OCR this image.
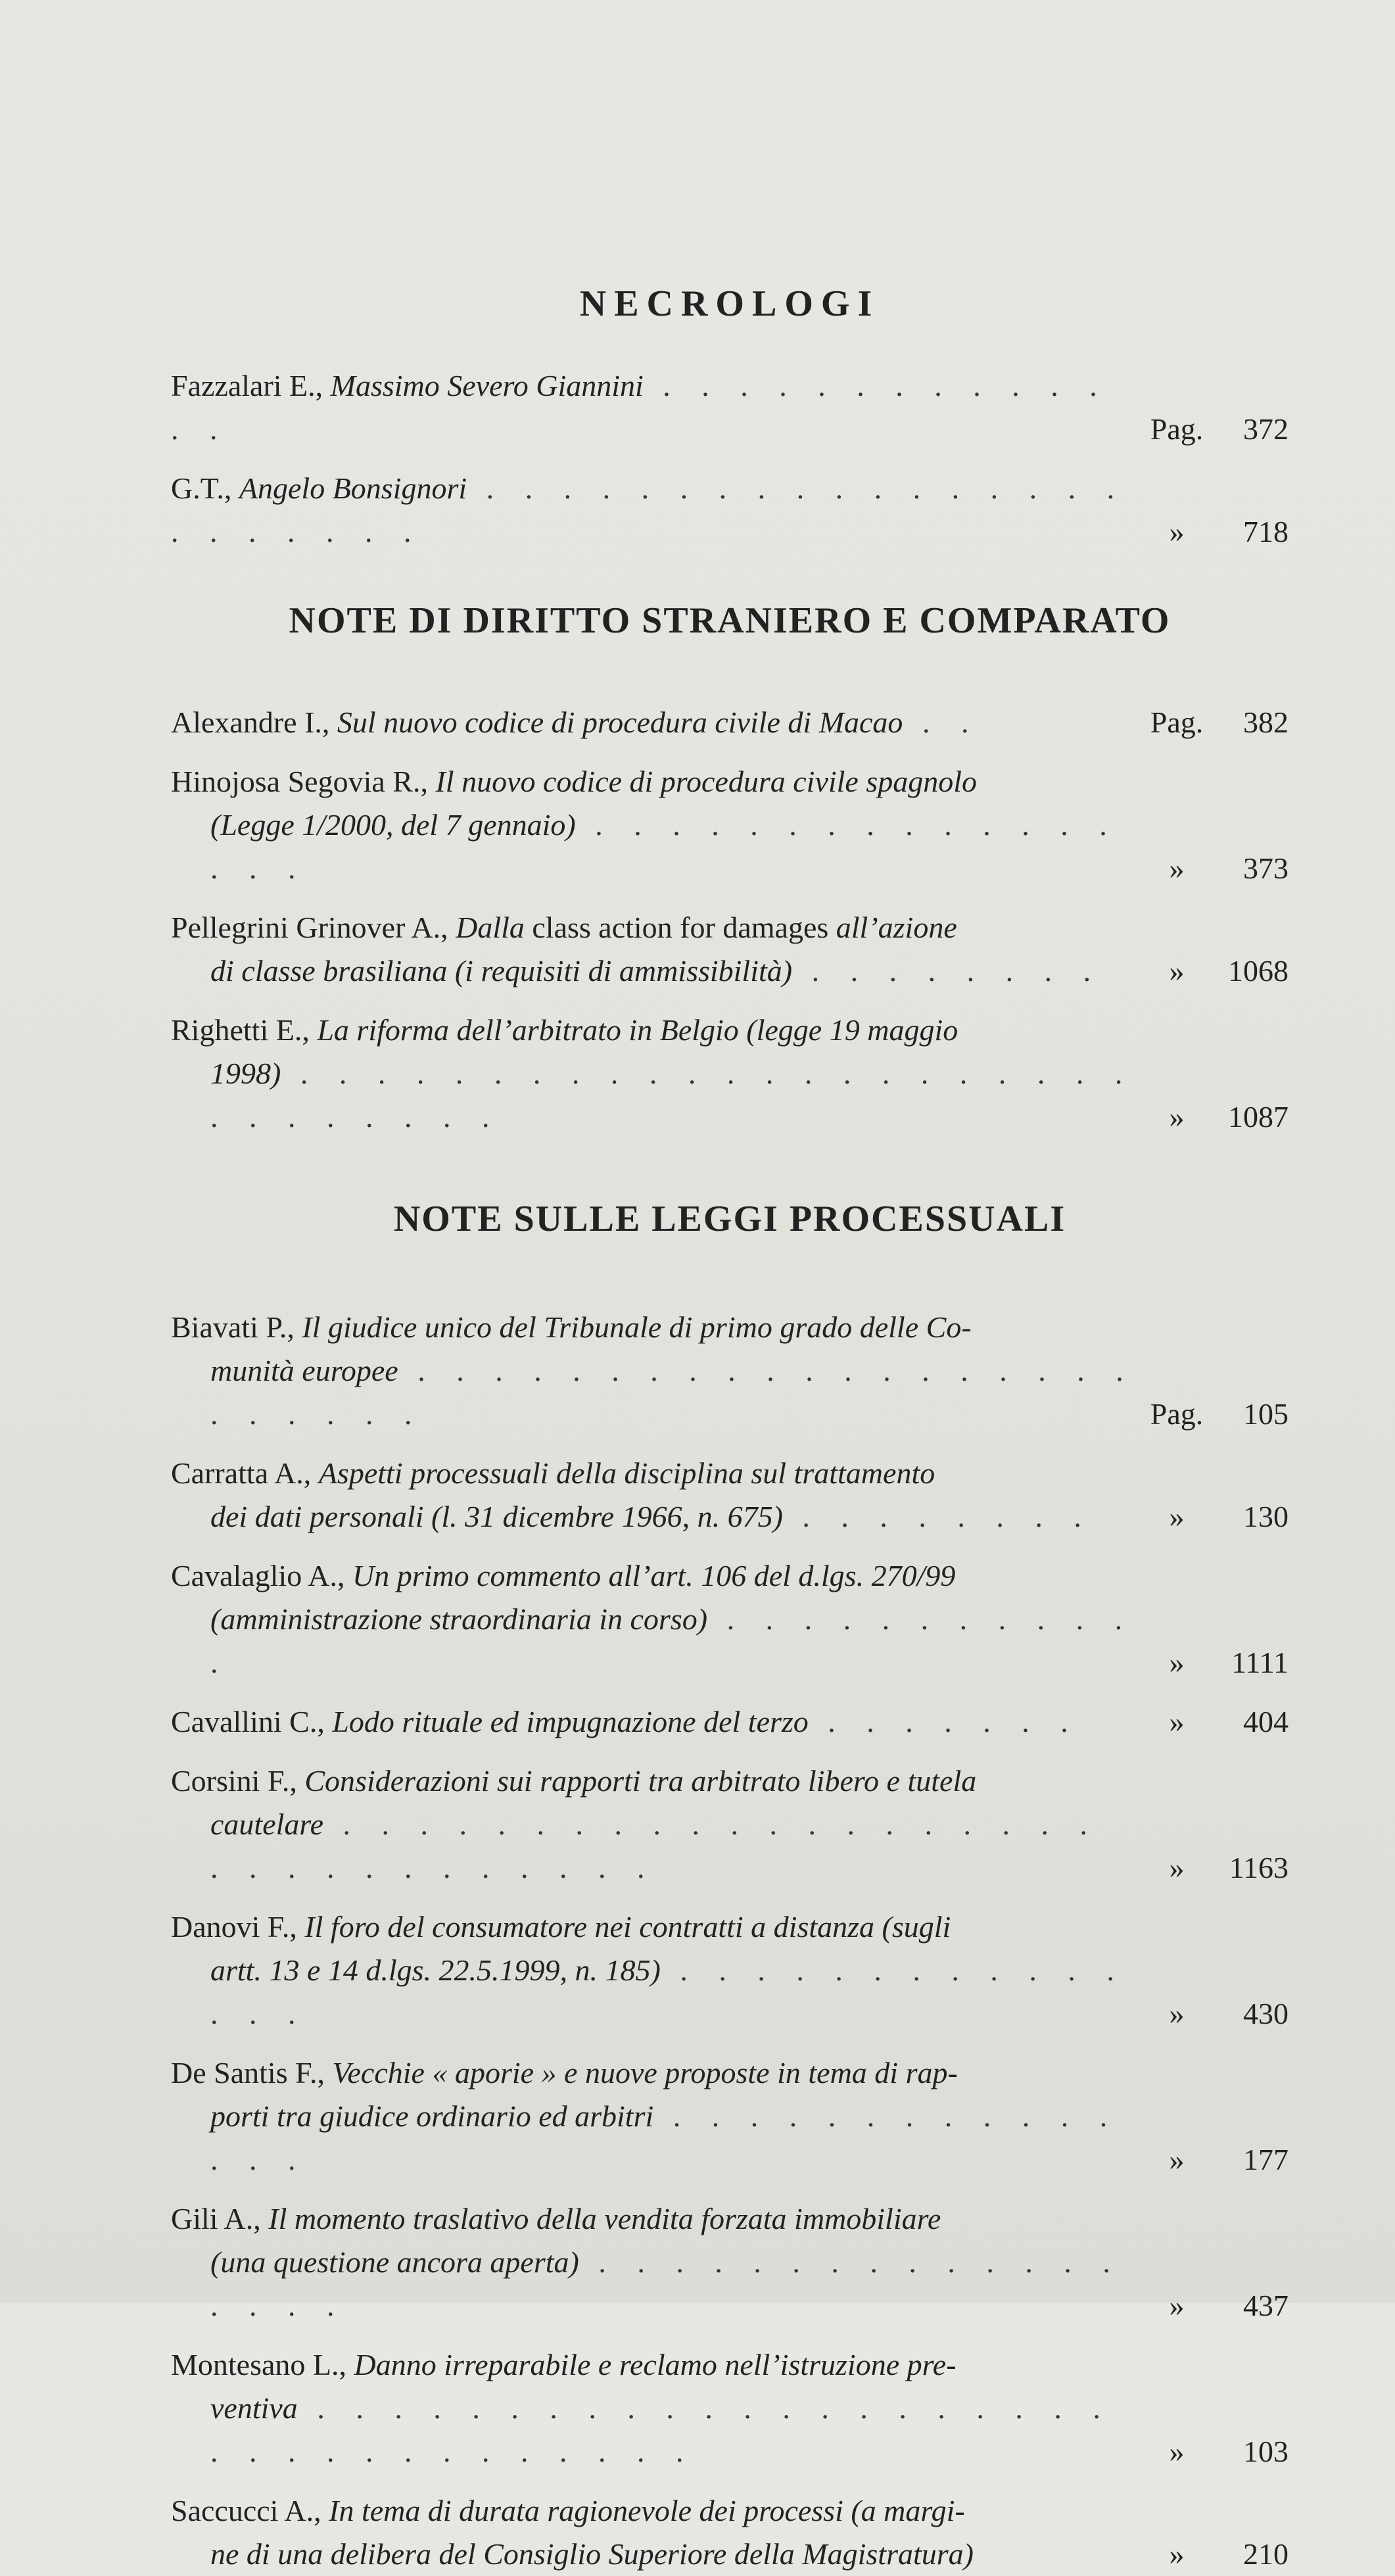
NECROLOGI
Fazzalari E., Massimo Severo Giannini . . . . . . . . . . . . . .	Pag.	372
G.T., Angelo Bonsignori . . . . . . . . . . . . . . . . . . . . . . . .	»	718
NOTE DI DIRITTO STRANIERO E COMPARATO
Alexandre I., Sul nuovo codice di procedura civile di Macao . .	Pag.	382
Hinojosa Segovia R., Il nuovo codice di procedura civile spagnolo
(Legge 1/2000, del 7 gennaio) . . . . . . . . . . . . . . . . .	»	373
Pellegrini Grinover A., Dalla class action for damages all’azione
di classe brasiliana (i requisiti di ammissibilità) . . . . . . . .	»	1068
Righetti E., La riforma dell’arbitrato in Belgio (legge 19 maggio
1998) . . . . . . . . . . . . . . . . . . . . . . . . . . . . . .	»	1087
NOTE SULLE LEGGI PROCESSUALI
Biavati P., Il giudice unico del Tribunale di primo grado delle Co-
munità europee . . . . . . . . . . . . . . . . . . . . . . . . .	Pag.	105
Carratta A., Aspetti processuali della disciplina sul trattamento
dei dati personali (l. 31 dicembre 1966, n. 675) . . . . . . . .	»	130
Cavalaglio A., Un primo commento all’art. 106 del d.lgs. 270/99
(amministrazione straordinaria in corso) . . . . . . . . . . . .	»	1111
Cavallini C., Lodo rituale ed impugnazione del terzo . . . . . . .	»	404
Corsini F., Considerazioni sui rapporti tra arbitrato libero e tutela
cautelare . . . . . . . . . . . . . . . . . . . . . . . . . . . . . . . .	»	1163
Danovi F., Il foro del consumatore nei contratti a distanza (sugli
artt. 13 e 14 d.lgs. 22.5.1999, n. 185) . . . . . . . . . . . . . . .	»	430
De Santis F., Vecchie « aporie » e nuove proposte in tema di rap-
porti tra giudice ordinario ed arbitri . . . . . . . . . . . . . . .	»	177
Gili A., Il momento traslativo della vendita forzata immobiliare
(una questione ancora aperta) . . . . . . . . . . . . . . . . . .	»	437
Montesano L., Danno irreparabile e reclamo nell’istruzione pre-
ventiva . . . . . . . . . . . . . . . . . . . . . . . . . . . . . . . . . .	»	103
Saccucci A., In tema di durata ragionevole dei processi (a margi-
ne di una delibera del Consiglio Superiore della Magistratura)	»	210
